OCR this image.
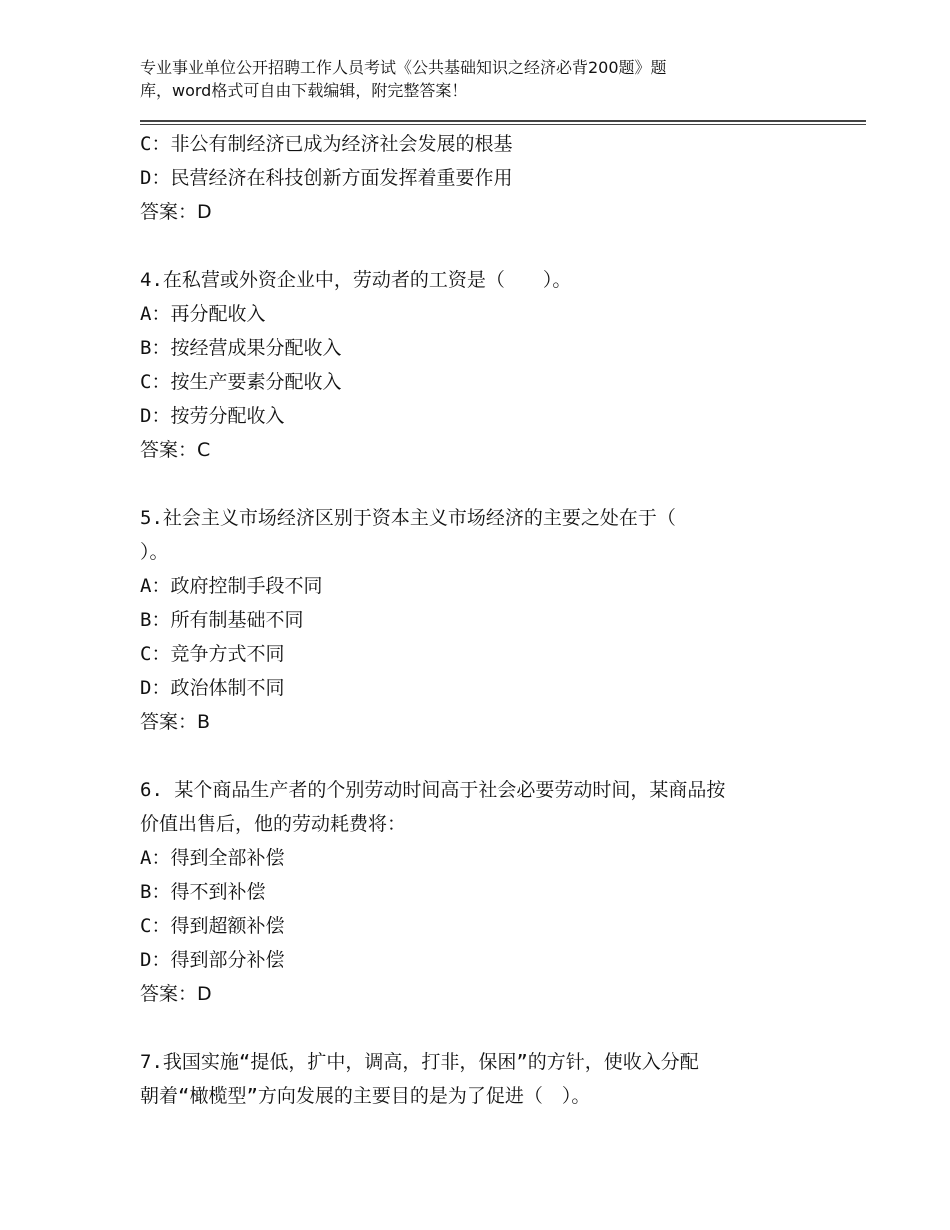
专业事业单位公开招聘工作人员考试《公共基础知识之经济必背200题》题
库，word格式可自由下载编辑，附完整答案！
C：非公有制经济已成为经济社会发展的根基
D：民营经济在科技创新方面发挥着重要作用
答案：D
4.在私营或外资企业中，劳动者的工资是（　　）。
A：再分配收入
B：按经营成果分配收入
C：按生产要素分配收入
D：按劳分配收入
答案：C
5.社会主义市场经济区别于资本主义市场经济的主要之处在于（
）。
A：政府控制手段不同
B：所有制基础不同
C：竞争方式不同
D：政治体制不同
答案：B
6. 某个商品生产者的个别劳动时间高于社会必要劳动时间，某商品按
价值出售后，他的劳动耗费将：
A：得到全部补偿
B：得不到补偿
C：得到超额补偿
D：得到部分补偿
答案：D
7.我国实施“提低，扩中，调高，打非，保困”的方针，使收入分配
朝着“橄榄型”方向发展的主要目的是为了促进（　）。
